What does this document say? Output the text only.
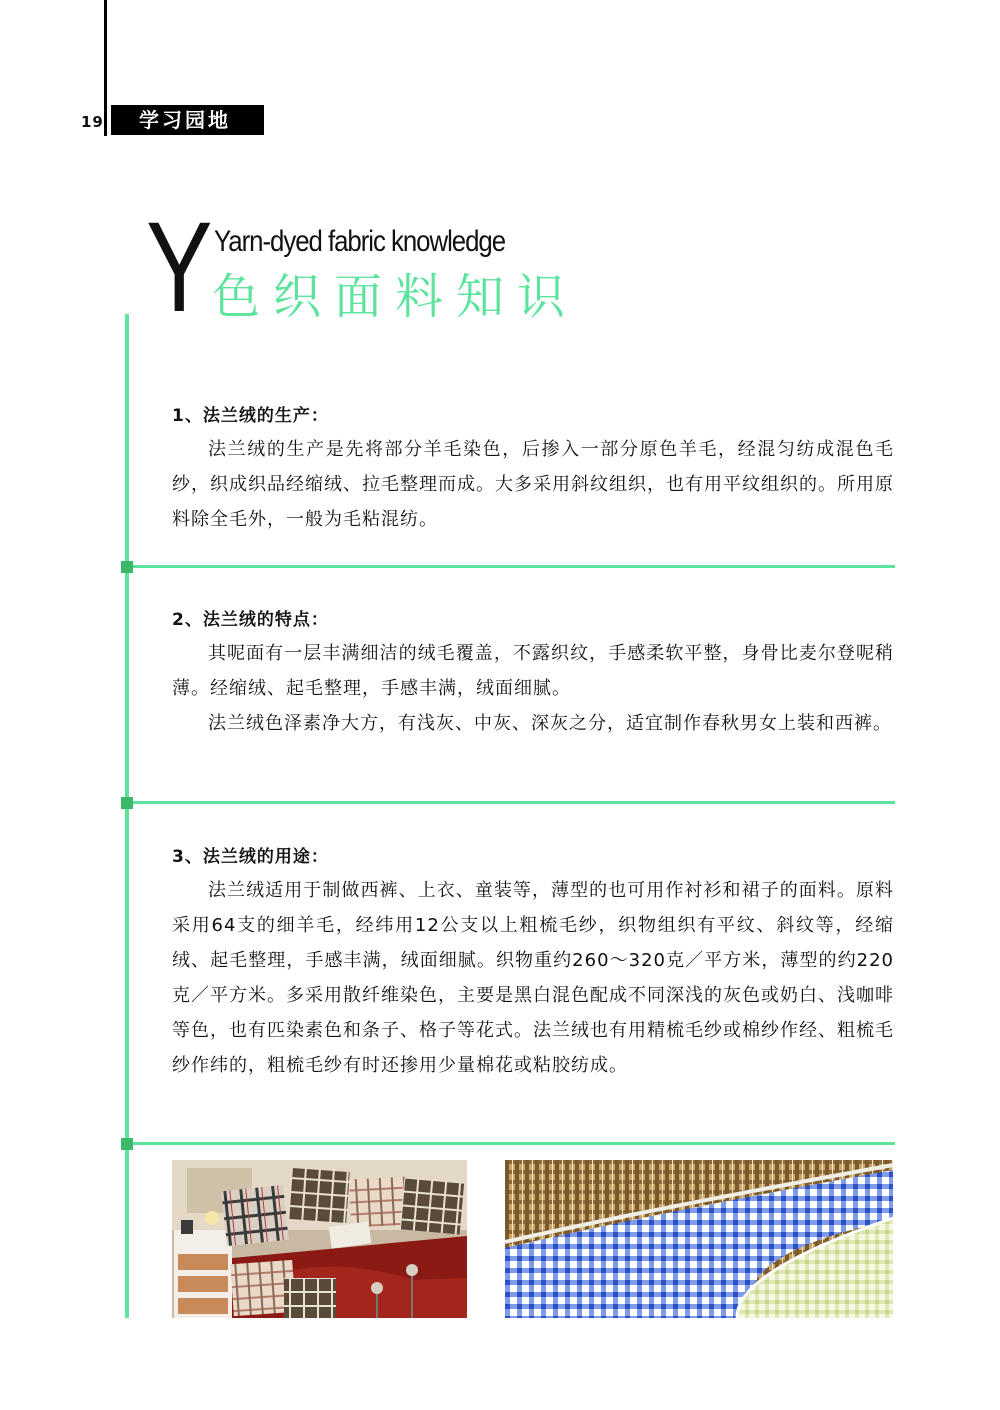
19	学习园地
Y Yarn-dyed fabric knowledge
色织面料知识

1、法兰绒的生产：

法兰绒的生产是先将部分羊毛染色，后掺入一部分原色羊毛，经混匀纺成混色毛纱，织成织品经缩绒、拉毛整理而成。大多采用斜纹组织，也有用平纹组织的。所用原料除全毛外，一般为毛粘混纺。

2、法兰绒的特点：

其呢面有一层丰满细洁的绒毛覆盖，不露织纹，手感柔软平整，身骨比麦尔登呢稍薄。经缩绒、起毛整理，手感丰满，绒面细腻。

法兰绒色泽素净大方，有浅灰、中灰、深灰之分，适宜制作春秋男女上装和西裤。

3、法兰绒的用途：

法兰绒适用于制做西裤、上衣、童装等，薄型的也可用作衬衫和裙子的面料。原料采用64支的细羊毛，经纬用12公支以上粗梳毛纱，织物组织有平纹、斜纹等，经缩绒、起毛整理，手感丰满，绒面细腻。织物重约260～320克／平方米，薄型的约220克／平方米。多采用散纤维染色，主要是黑白混色配成不同深浅的灰色或奶白、浅咖啡等色，也有匹染素色和条子、格子等花式。法兰绒也有用精梳毛纱或棉纱作经、粗梳毛纱作纬的，粗梳毛纱有时还掺用少量棉花或粘胶纺成。
